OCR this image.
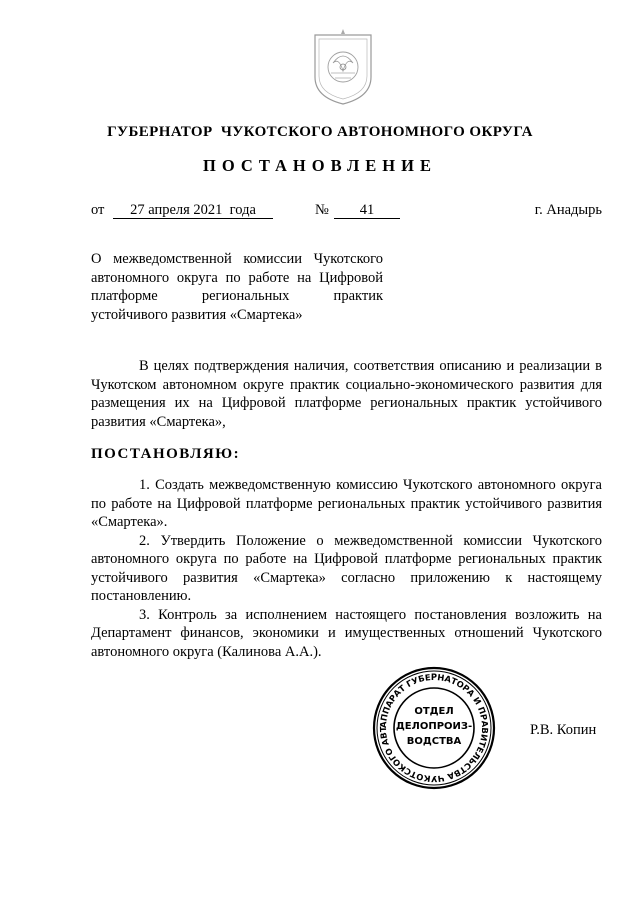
ГУБЕРНАТОР  ЧУКОТСКОГО АВТОНОМНОГО ОКРУГА
ПОСТАНОВЛЕНИЕ
от	27 апреля 2021  года	№	41	г. Анадырь
О межведомственной комиссии Чукотского
автономного округа по работе на Цифровой
платформе региональных практик
устойчивого развития «Смартека»

В целях подтверждения наличия, соответствия описанию и реализации в Чукотском автономном округе практик социально-экономического развития для размещения их на Цифровой платформе региональных практик устойчивого развития «Смартека»,

ПОСТАНОВЛЯЮ:

1. Создать межведомственную комиссию Чукотского автономного округа по работе на Цифровой платформе региональных практик устойчивого развития «Смартека».

2. Утвердить Положение о межведомственной комиссии Чукотского автономного округа по работе на Цифровой платформе региональных практик устойчивого развития «Смартека» согласно приложению к настоящему постановлению.

3. Контроль за исполнением настоящего постановления возложить на Департамент финансов, экономики и имущественных отношений Чукотского автономного округа (Калинова А.А.).

АППАРАТ ГУБЕРНАТОРА И ПРАВИТЕЛЬСТВА ЧУКОТСКОГО АВТ
ОТДЕЛ
ДЕЛОПРОИЗ-
ВОДСТВА
Р.В. Копин
